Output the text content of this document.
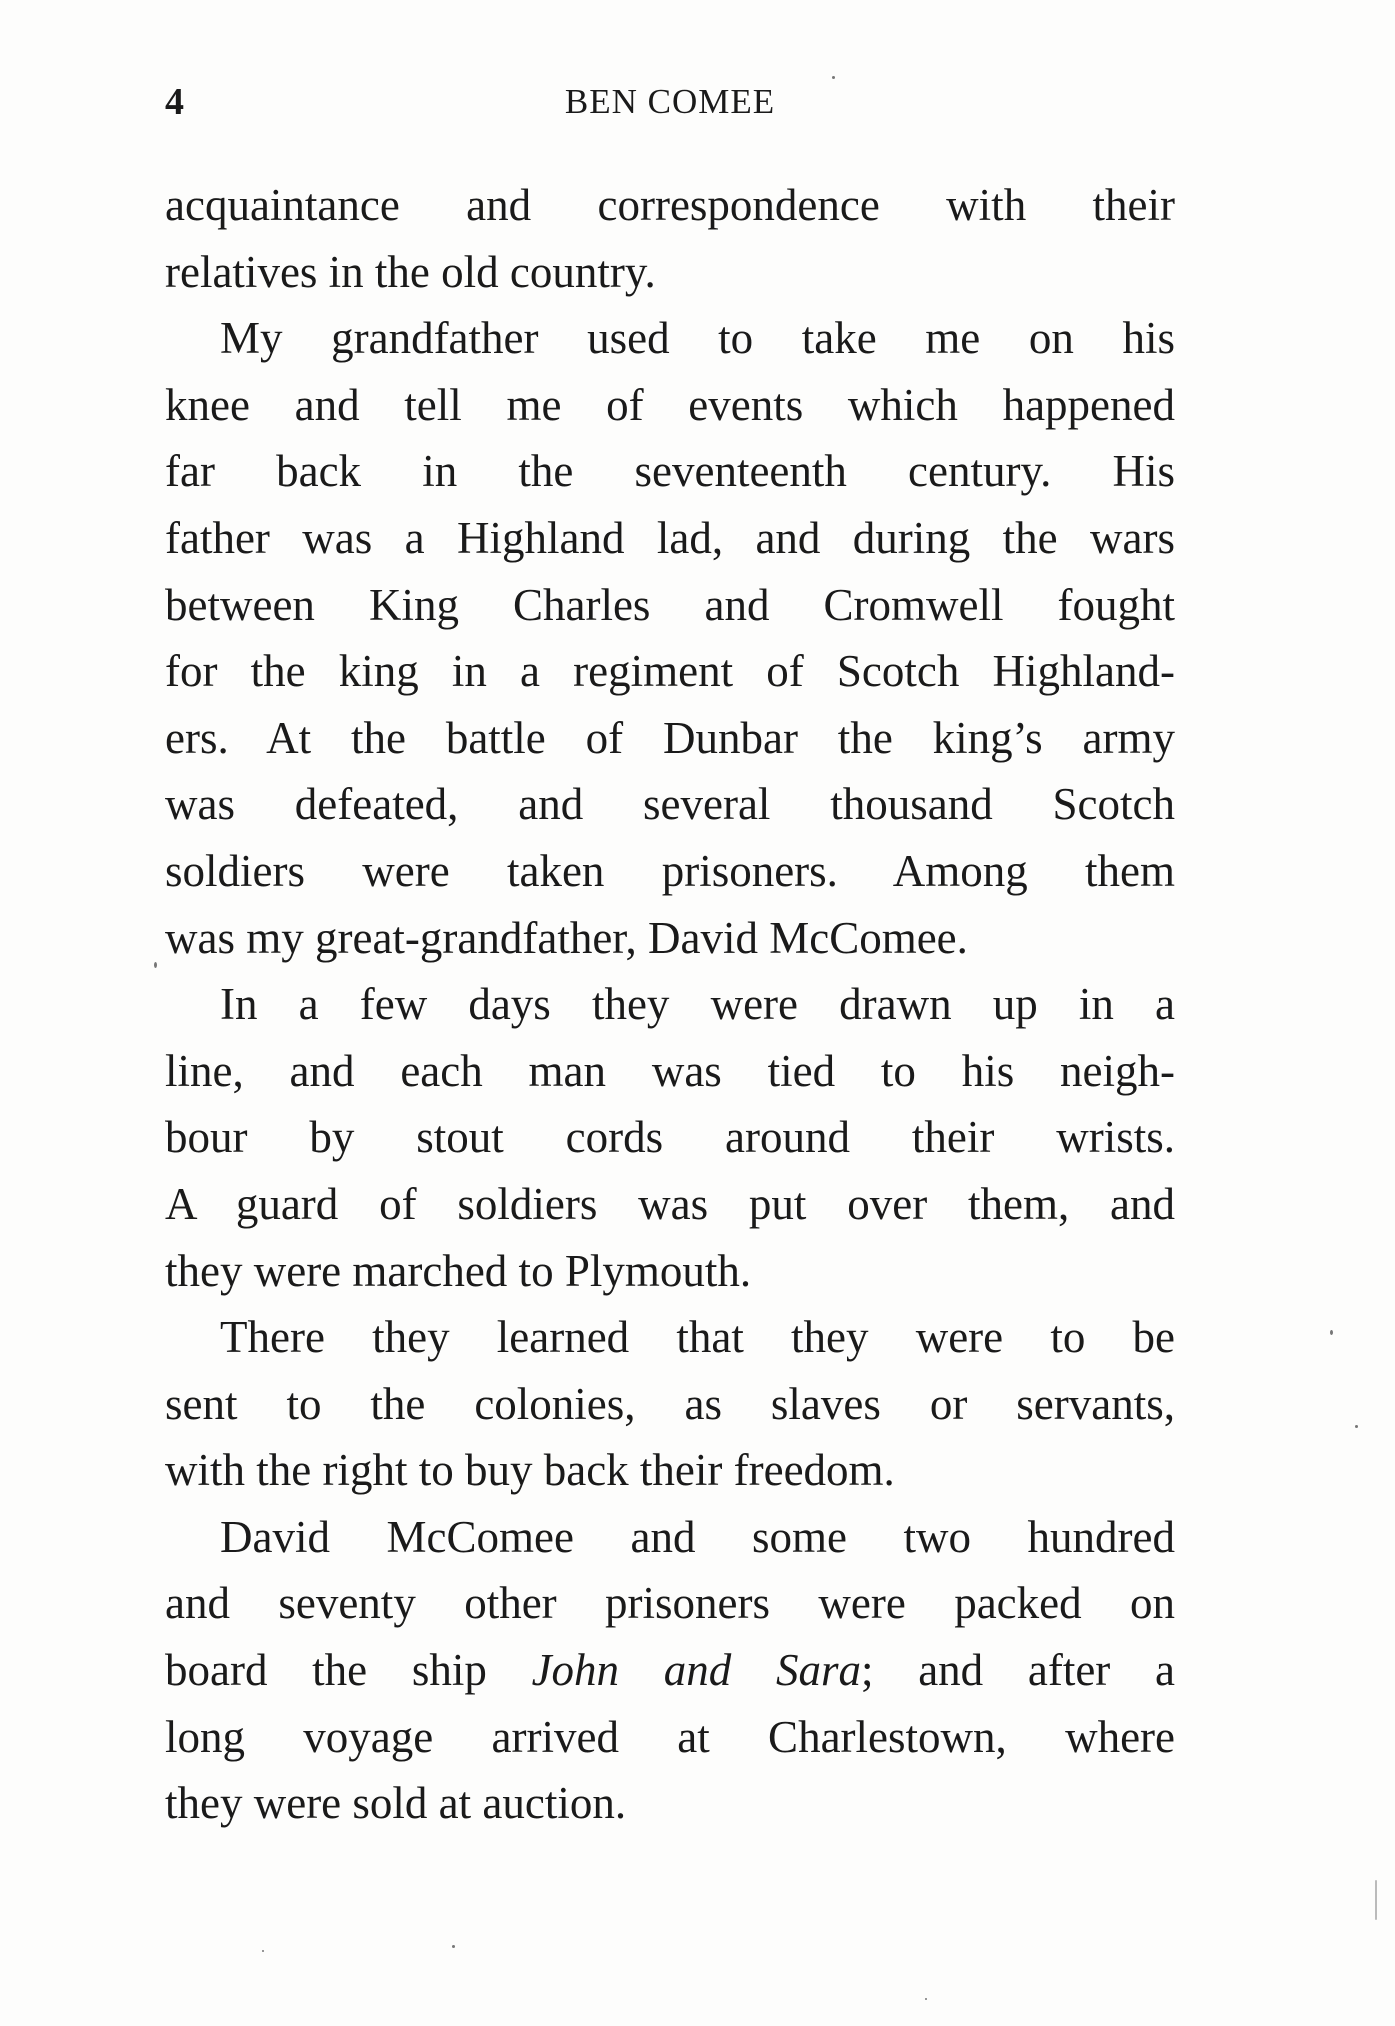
4	BEN COMEE
acquaintance and correspondence with their
relatives in the old country.
My grandfather used to take me on his
knee and tell me of events which happened
far back in the seventeenth century. His
father was a Highland lad, and during the wars
between King Charles and Cromwell fought
for the king in a regiment of Scotch Highland-
ers. At the battle of Dunbar the king’s army
was defeated, and several thousand Scotch
soldiers were taken prisoners. Among them
was my great-grandfather, David McComee.
In a few days they were drawn up in a
line, and each man was tied to his neigh-
bour by stout cords around their wrists.
A guard of soldiers was put over them, and
they were marched to Plymouth.
There they learned that they were to be
sent to the colonies, as slaves or servants,
with the right to buy back their freedom.
David McComee and some two hundred
and seventy other prisoners were packed on
board the ship John and Sara; and after a
long voyage arrived at Charlestown, where
they were sold at auction.
